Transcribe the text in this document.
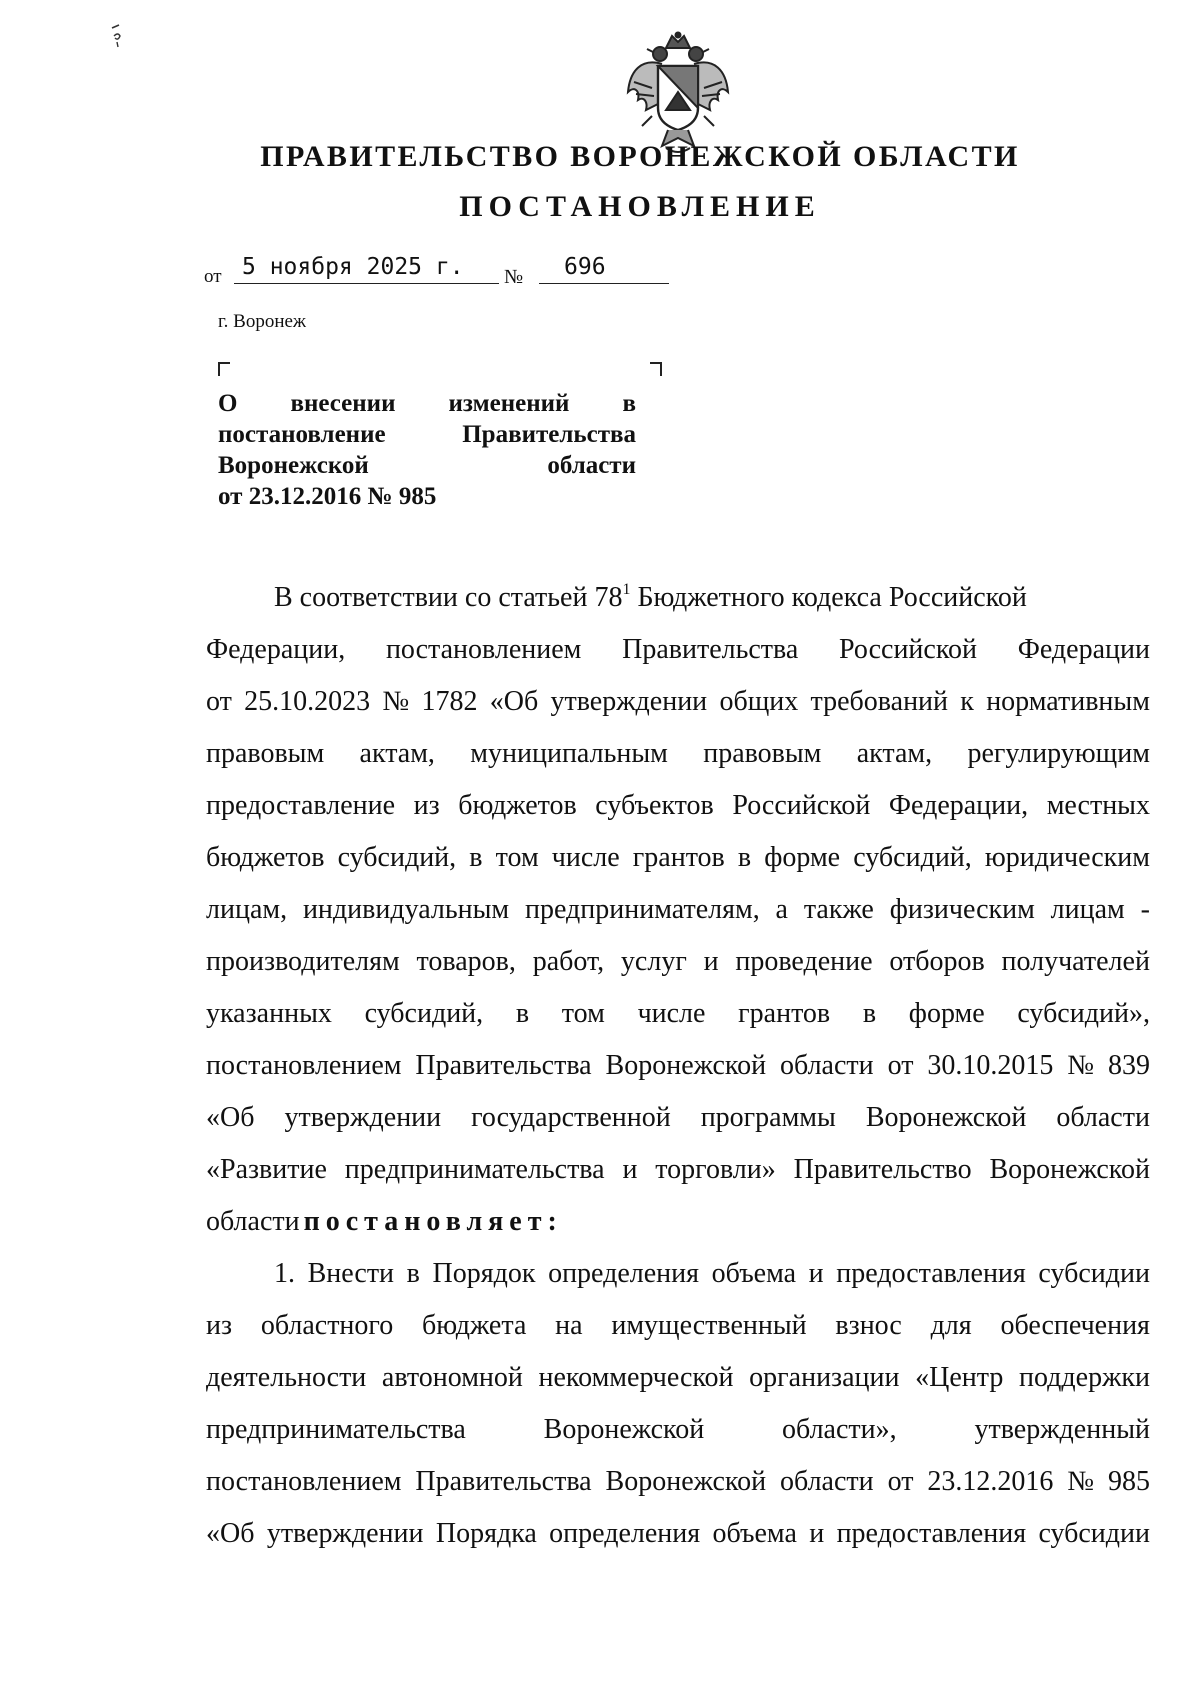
ПРАВИТЕЛЬСТВО ВОРОНЕЖСКОЙ ОБЛАСТИ
ПОСТАНОВЛЕНИЕ
от 5 ноября 2025 г.	№	696
г. Воронеж
О внесении изменений в
постановление	Правительства
Воронежской	области
от 23.12.2016 № 985
В соответствии со статьей $78^1$ Бюджетного кодекса Российской
Федерации, постановлением Правительства Российской Федерации
от 25.10.2023 № 1782 «Об утверждении общих требований к нормативным
правовым актам, муниципальным правовым актам, регулирующим
предоставление из бюджетов субъектов Российской Федерации, местных
бюджетов субсидий, в том числе грантов в форме субсидий, юридическим
лицам, индивидуальным предпринимателям, а также физическим лицам -
производителям товаров, работ, услуг и проведение отборов получателей
указанных субсидий, в том числе грантов в форме субсидий»,
постановлением Правительства Воронежской области от 30.10.2015 № 839
«Об утверждении государственной программы Воронежской области
«Развитие предпринимательства и торговли» Правительство Воронежской
области постановляет:
1. Внести в Порядок определения объема и предоставления субсидии
из областного бюджета на имущественный взнос для обеспечения
деятельности автономной некоммерческой организации «Центр поддержки
предпринимательства	Воронежской	области»,	утвержденный
постановлением Правительства Воронежской области от 23.12.2016 № 985
«Об утверждении Порядка определения объема и предоставления субсидии
